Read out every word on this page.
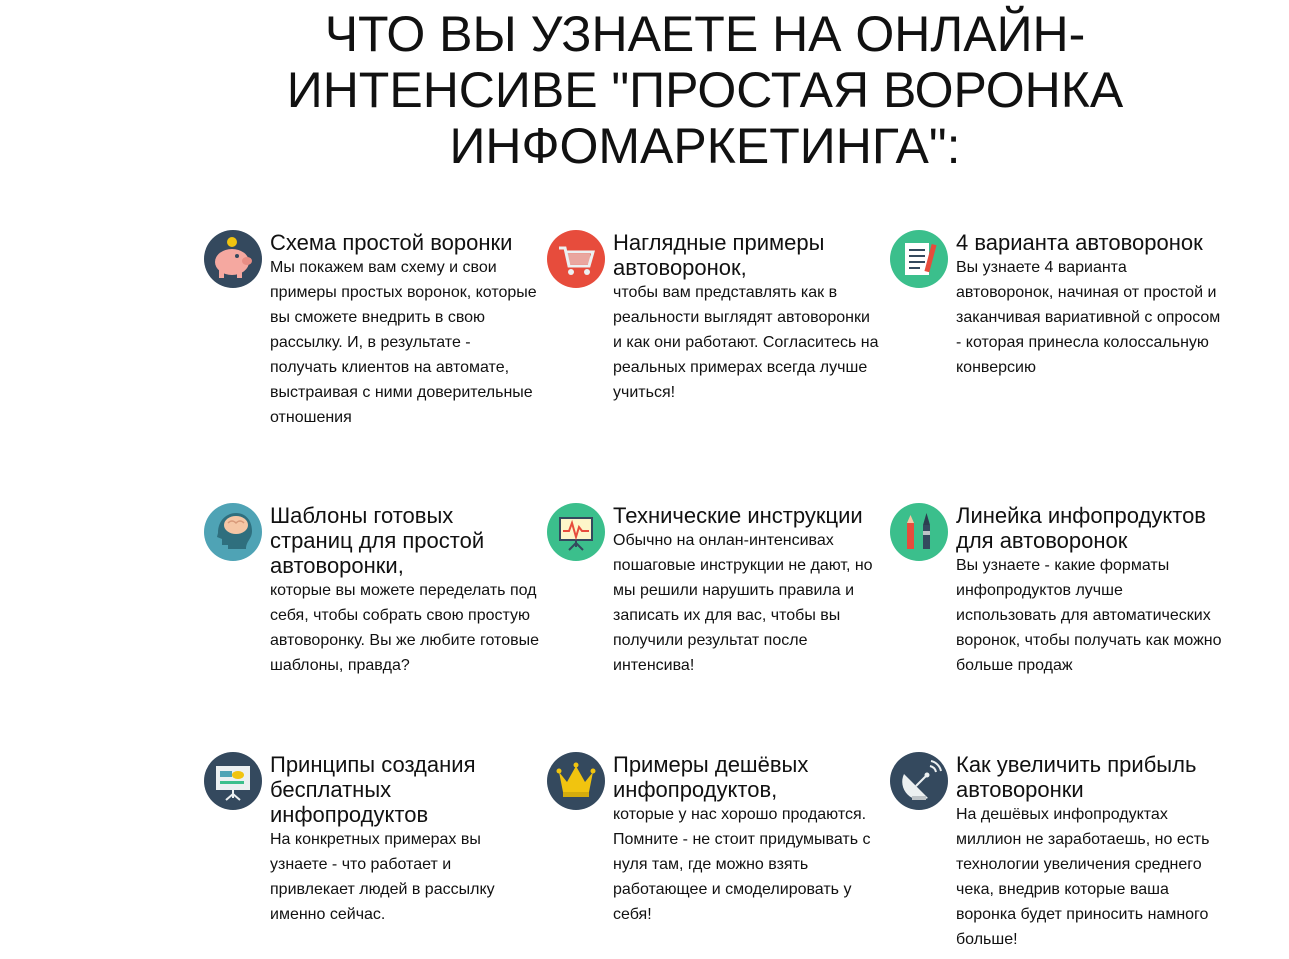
ЧТО ВЫ УЗНАЕТЕ НА ОНЛАЙН-ИНТЕНСИВЕ "ПРОСТАЯ ВОРОНКА ИНФОМАРКЕТИНГА":
Схема простой воронки

Мы покажем вам схему и свои примеры простых воронок, которые вы сможете внедрить в свою рассылку. И, в результате - получать клиентов на автомате, выстраивая с ними доверительные отношения

Наглядные примеры автоворонок,

чтобы вам представлять как в реальности выглядят автоворонки и как они работают. Согласитесь на реальных примерах всегда лучше учиться!

4 варианта автоворонок

Вы узнаете 4 варианта автоворонок, начиная от простой и заканчивая вариативной с опросом - которая принесла колоссальную конверсию

Шаблоны готовых страниц для простой автоворонки,

которые вы можете переделать под себя, чтобы собрать свою простую автоворонку. Вы же любите готовые шаблоны, правда?

Технические инструкции

Обычно на онлан-интенсивах пошаговые инструкции не дают, но мы решили нарушить правила и записать их для вас, чтобы вы получили результат после интенсива!

Линейка инфопродуктов для автоворонок

Вы узнаете - какие форматы инфопродуктов лучше использовать для автоматических воронок, чтобы получать как можно больше продаж

Принципы создания бесплатных инфопродуктов

На конкретных примерах вы узнаете - что работает и привлекает людей в рассылку именно сейчас.

Примеры дешёвых инфопродуктов,

которые у нас хорошо продаются. Помните - не стоит придумывать с нуля там, где можно взять работающее и смоделировать у себя!

Как увеличить прибыль автоворонки

На дешёвых инфопродуктах миллион не заработаешь, но есть технологии увеличения среднего чека, внедрив которые ваша воронка будет приносить намного больше!
